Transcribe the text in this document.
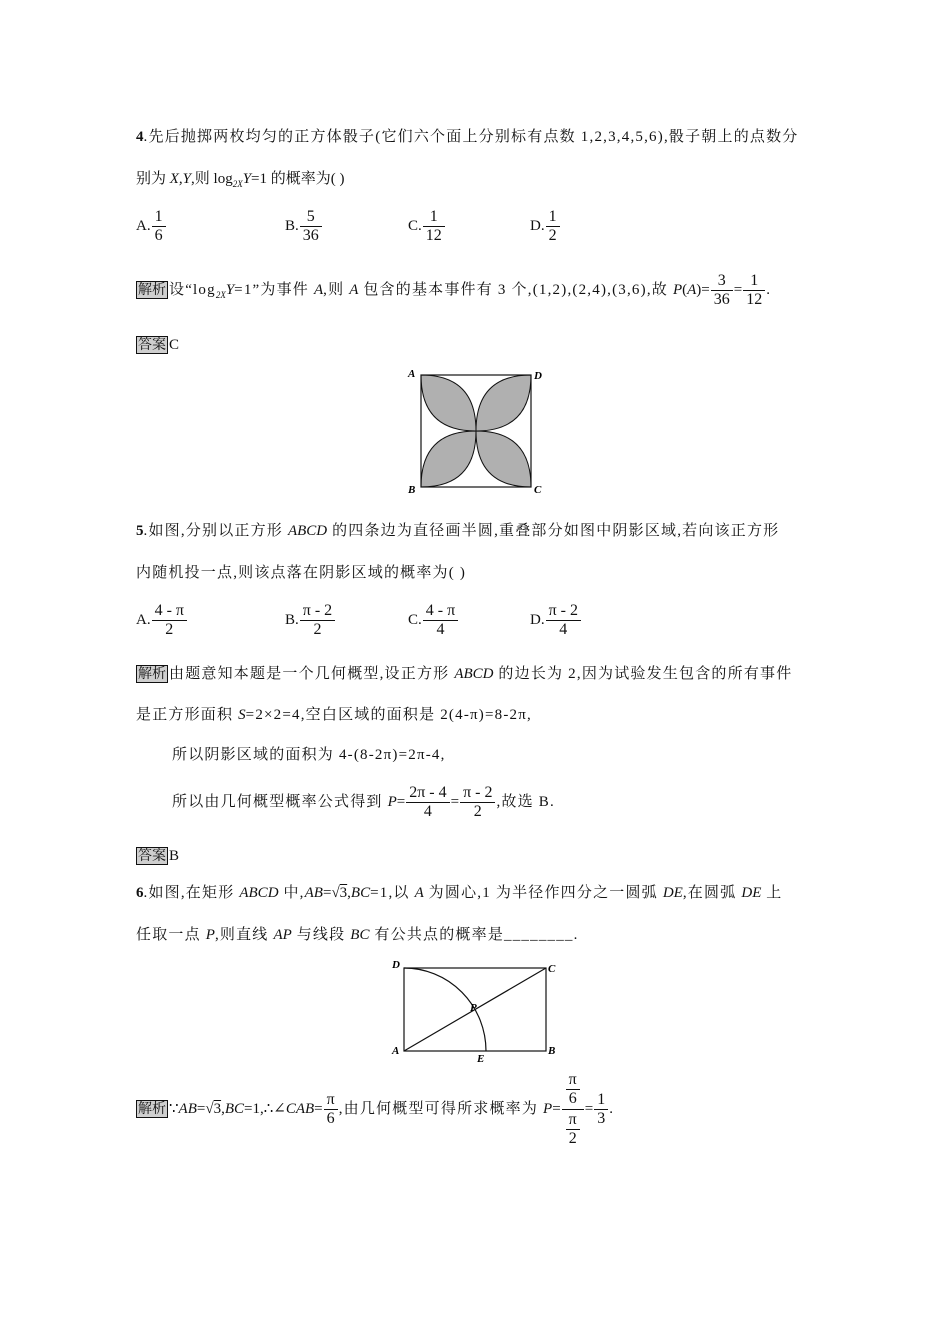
4.先后抛掷两枚均匀的正方体骰子(它们六个面上分别标有点数 1,2,3,4,5,6),骰子朝上的点数分
别为 X,Y,则 $\log_{2X}Y=1$ 的概率为( )
A. $\frac{1}{6}$	B. $\frac{5}{36}$	C. $\frac{1}{12}$	D. $\frac{1}{2}$
解析 设“$\log_{2X}Y=1$”为事件 A,则 A 包含的基本事件有 3 个,(1,2),(2,4),(3,6),故 $P(A)= \frac{3}{36} = \frac{1}{12}$ .
答案 C
A	D
B	C
5.如图,分别以正方形 ABCD 的四条边为直径画半圆,重叠部分如图中阴影区域,若向该正方形
内随机投一点,则该点落在阴影区域的概率为( )
A. $\frac{4 - \pi}{2}$	B. $\frac{\pi - 2}{2}$	C. $\frac{4 - \pi}{4}$	D. $\frac{\pi - 2}{4}$
解析 由题意知本题是一个几何概型,设正方形 ABCD 的边长为 2,因为试验发生包含的所有事件
是正方形面积 S=2×2=4,空白区域的面积是 2(4-π)=8-2π,
所以阴影区域的面积为 4-(8-2π)=2π-4,
所以由几何概型概率公式得到 $P= \frac{2\pi - 4}{4} = \frac{\pi - 2}{2}$ ,故选 B.
答案 B
6.如图,在矩形 ABCD 中,AB=√3,BC=1,以 A 为圆心,1 为半径作四分之一圆弧 DE,在圆弧 DE 上
任取一点 P,则直线 AP 与线段 BC 有公共点的概率是________.
D	C
P
A
E
B
解析 ∵AB=√3,BC=1,∴∠CAB= $\frac{\pi}{6}$ ,由几何概型可得所求概率为 $P= \frac{\frac{\pi}{6}}{\frac{\pi}{2}} = \frac{1}{3}$ .
